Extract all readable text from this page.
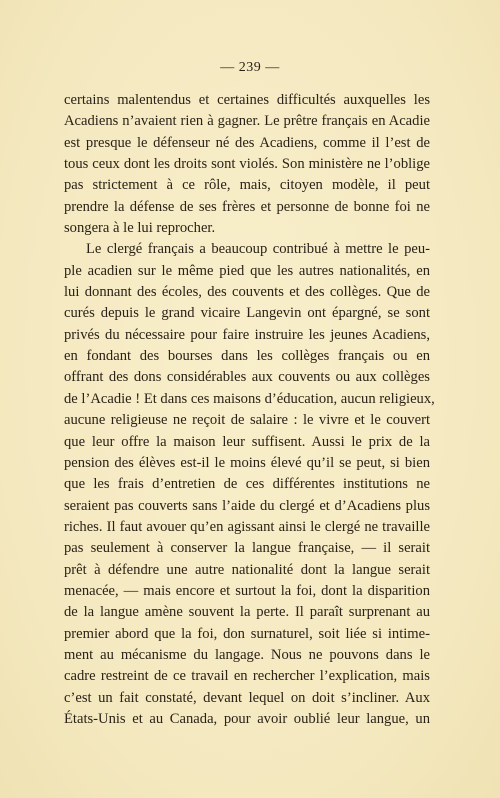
— 239 —
certains malentendus et certaines difficultés auxquelles les
Acadiens n’avaient rien à gagner. Le prêtre français en Acadie
est presque le défenseur né des Acadiens, comme il l’est de
tous ceux dont les droits sont violés. Son ministère ne l’oblige
pas strictement à ce rôle, mais, citoyen modèle, il peut
prendre la défense de ses frères et personne de bonne foi ne
songera à le lui reprocher.
Le clergé français a beaucoup contribué à mettre le peu-
ple acadien sur le même pied que les autres nationalités, en
lui donnant des écoles, des couvents et des collèges. Que de
curés depuis le grand vicaire Langevin ont épargné, se sont
privés du nécessaire pour faire instruire les jeunes Acadiens,
en fondant des bourses dans les collèges français ou en
offrant des dons considérables aux couvents ou aux collèges
de l’Acadie ! Et dans ces maisons d’éducation, aucun religieux,
aucune religieuse ne reçoit de salaire : le vivre et le couvert
que leur offre la maison leur suffisent. Aussi le prix de la
pension des élèves est-il le moins élevé qu’il se peut, si bien
que les frais d’entretien de ces différentes institutions ne
seraient pas couverts sans l’aide du clergé et d’Acadiens plus
riches. Il faut avouer qu’en agissant ainsi le clergé ne travaille
pas seulement à conserver la langue française, — il serait
prêt à défendre une autre nationalité dont la langue serait
menacée, — mais encore et surtout la foi, dont la disparition
de la langue amène souvent la perte. Il paraît surprenant au
premier abord que la foi, don surnaturel, soit liée si intime-
ment au mécanisme du langage. Nous ne pouvons dans le
cadre restreint de ce travail en rechercher l’explication, mais
c’est un fait constaté, devant lequel on doit s’incliner. Aux
États-Unis et au Canada, pour avoir oublié leur langue, un
